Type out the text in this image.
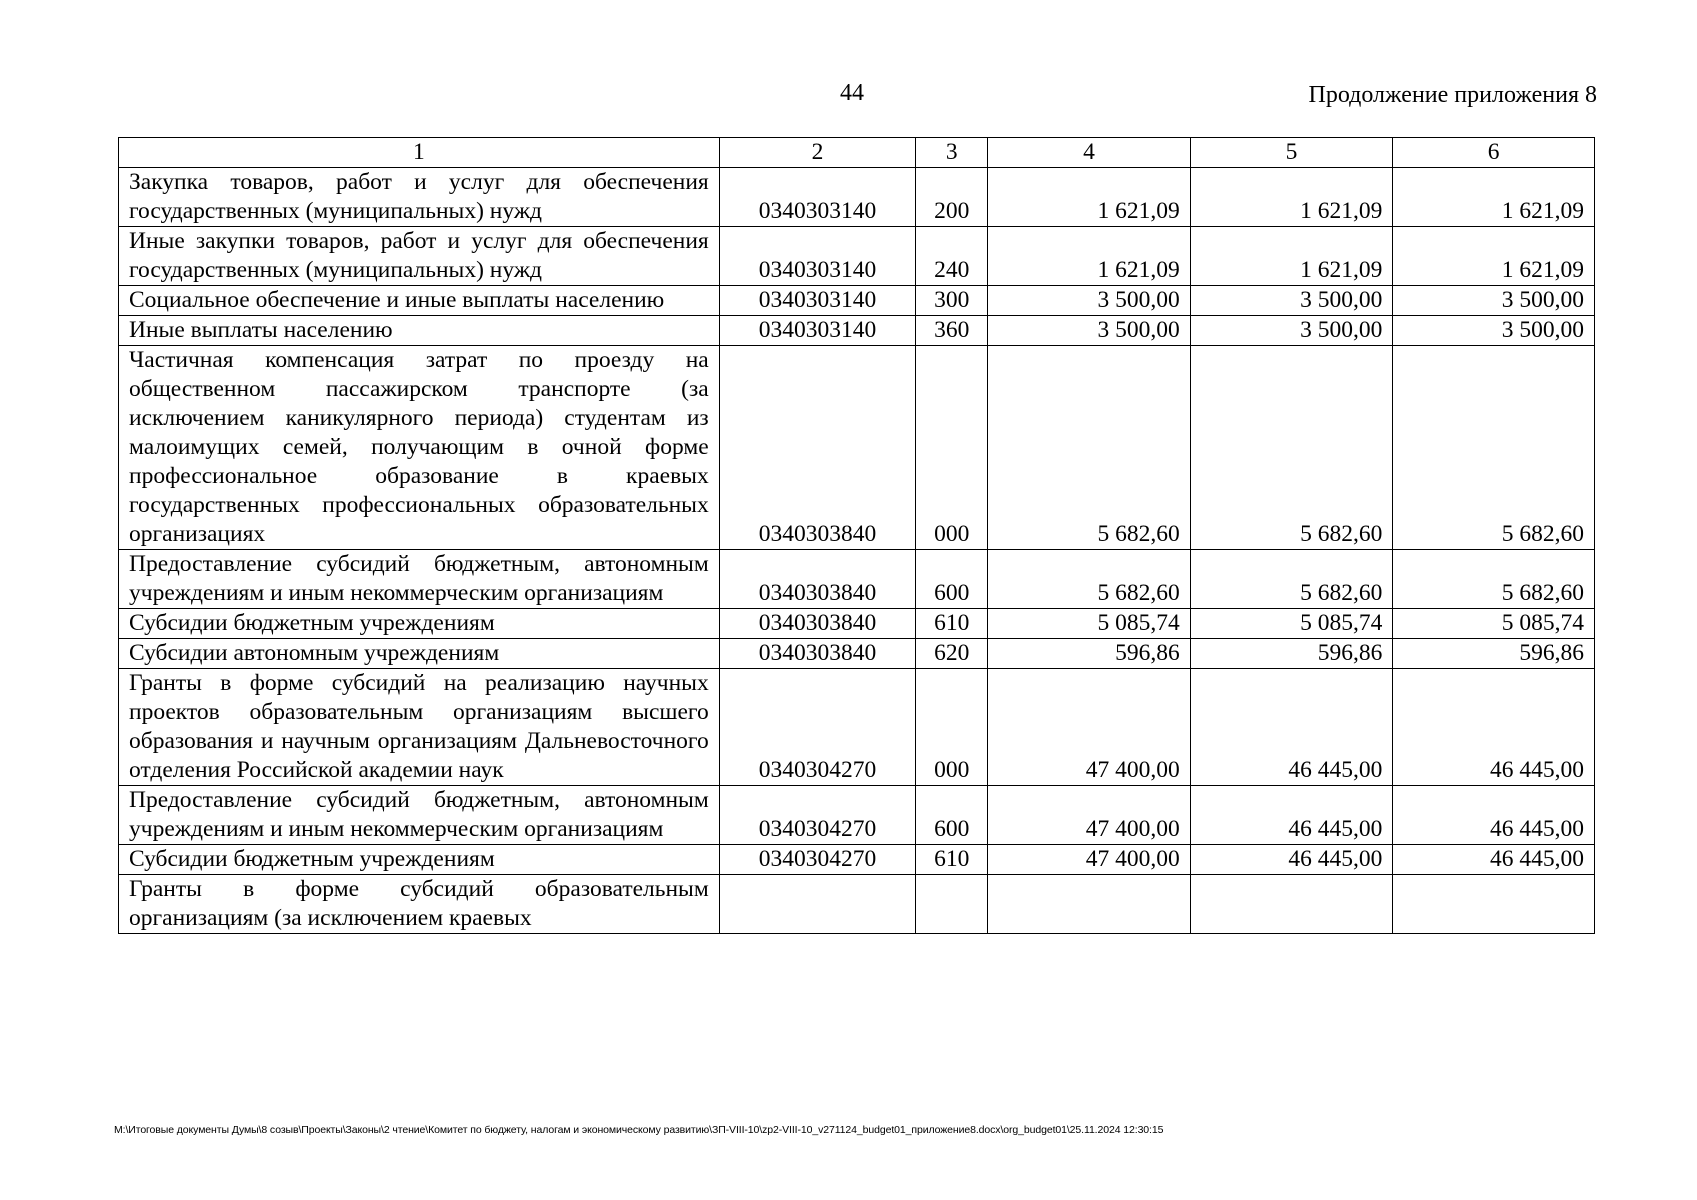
44	Продолжение приложения 8
1	2	3	4	5	6
Закупка товаров, работ и услуг для обеспечения государственных (муниципальных) нужд	0340303140	200	1 621,09	1 621,09	1 621,09
Иные закупки товаров, работ и услуг для обеспечения государственных (муниципальных) нужд	0340303140	240	1 621,09	1 621,09	1 621,09
Социальное обеспечение и иные выплаты населению	0340303140	300	3 500,00	3 500,00	3 500,00
Иные выплаты населению	0340303140	360	3 500,00	3 500,00	3 500,00
Частичная компенсация затрат по проезду на общественном пассажирском транспорте (за исключением каникулярного периода) студентам из малоимущих семей, получающим в очной форме профессиональное образование в краевых государственных профессиональных образовательных организациях	0340303840	000	5 682,60	5 682,60	5 682,60
Предоставление субсидий бюджетным, автономным учреждениям и иным некоммерческим организациям	0340303840	600	5 682,60	5 682,60	5 682,60
Субсидии бюджетным учреждениям	0340303840	610	5 085,74	5 085,74	5 085,74
Субсидии автономным учреждениям	0340303840	620	596,86	596,86	596,86
Гранты в форме субсидий на реализацию научных проектов образовательным организациям высшего образования и научным организациям Дальневосточного отделения Российской академии наук	0340304270	000	47 400,00	46 445,00	46 445,00
Предоставление субсидий бюджетным, автономным учреждениям и иным некоммерческим организациям	0340304270	600	47 400,00	46 445,00	46 445,00
Субсидии бюджетным учреждениям	0340304270	610	47 400,00	46 445,00	46 445,00
Гранты в форме субсидий образовательным организациям (за исключением краевых					
M:\Итоговые документы Думы\8 созыв\Проекты\Законы\2 чтение\Комитет по бюджету, налогам и экономическому развитию\ЗП-VIII-10\zp2-VIII-10_v271124_budget01_приложение8.docx\org_budget01\25.11.2024 12:30:15
